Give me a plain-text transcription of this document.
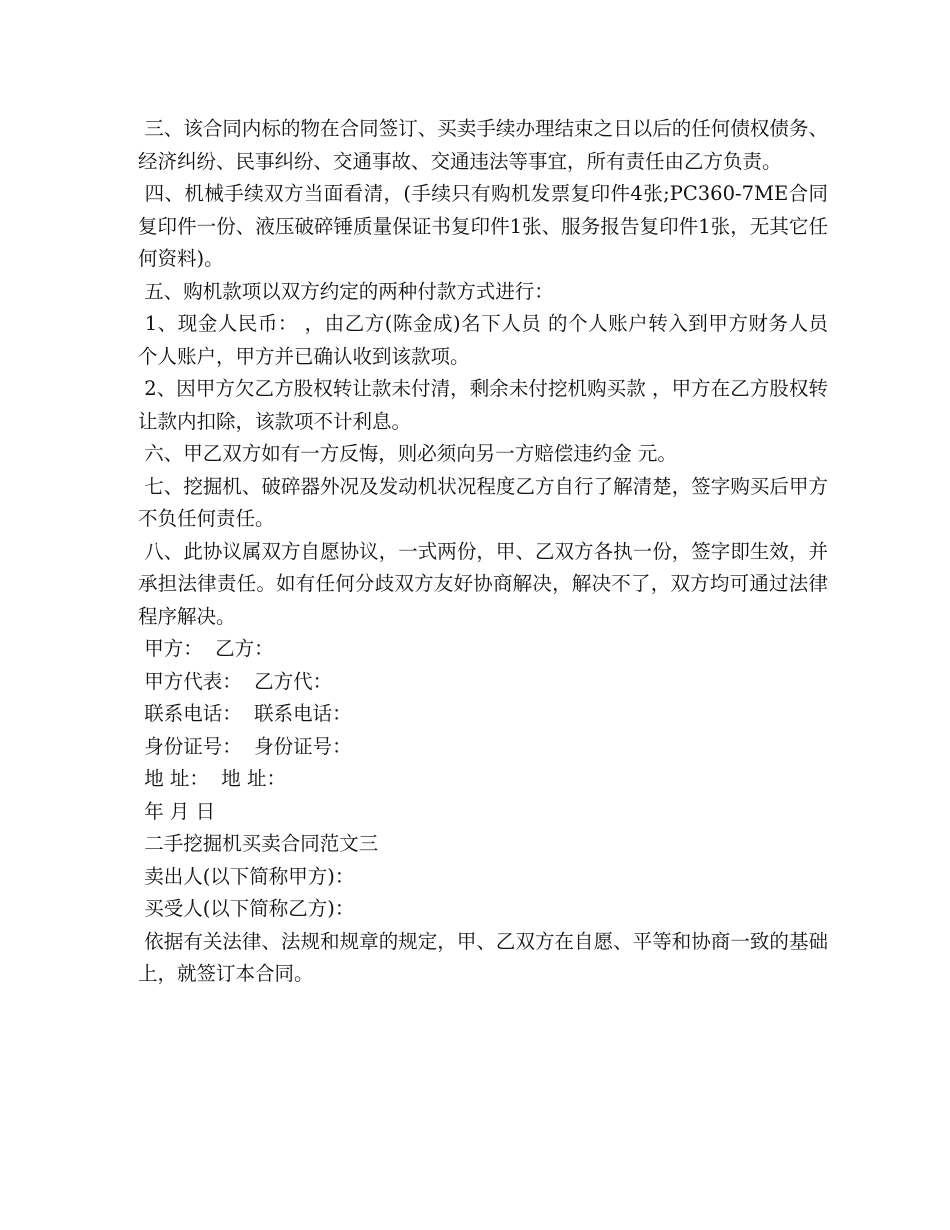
三、该合同内标的物在合同签订、买卖手续办理结束之日以后的任何债权债务、经济纠纷、民事纠纷、交通事故、交通违法等事宜，所有责任由乙方负责。

四、机械手续双方当面看清，(手续只有购机发票复印件4张;PC360-7ME合同复印件一份、液压破碎锤质量保证书复印件1张、服务报告复印件1张，无其它任何资料)。

五、购机款项以双方约定的两种付款方式进行：

1、现金人民币： ，由乙方(陈金成)名下人员 的个人账户转入到甲方财务人员 个人账户，甲方并已确认收到该款项。

2、因甲方欠乙方股权转让款未付清，剩余未付挖机购买款 ，甲方在乙方股权转让款内扣除，该款项不计利息。

六、甲乙双方如有一方反悔，则必须向另一方赔偿违约金 元。

七、挖掘机、破碎器外况及发动机状况程度乙方自行了解清楚，签字购买后甲方不负任何责任。

八、此协议属双方自愿协议，一式两份，甲、乙双方各执一份，签字即生效，并承担法律责任。如有任何分歧双方友好协商解决，解决不了，双方均可通过法律程序解决。

甲方：  乙方：

甲方代表：  乙方代：

联系电话：  联系电话：

身份证号：  身份证号：

地 址：  地 址：

年 月 日

二手挖掘机买卖合同范文三

卖出人(以下简称甲方)：

买受人(以下简称乙方)：

依据有关法律、法规和规章的规定，甲、乙双方在自愿、平等和协商一致的基础上，就签订本合同。
